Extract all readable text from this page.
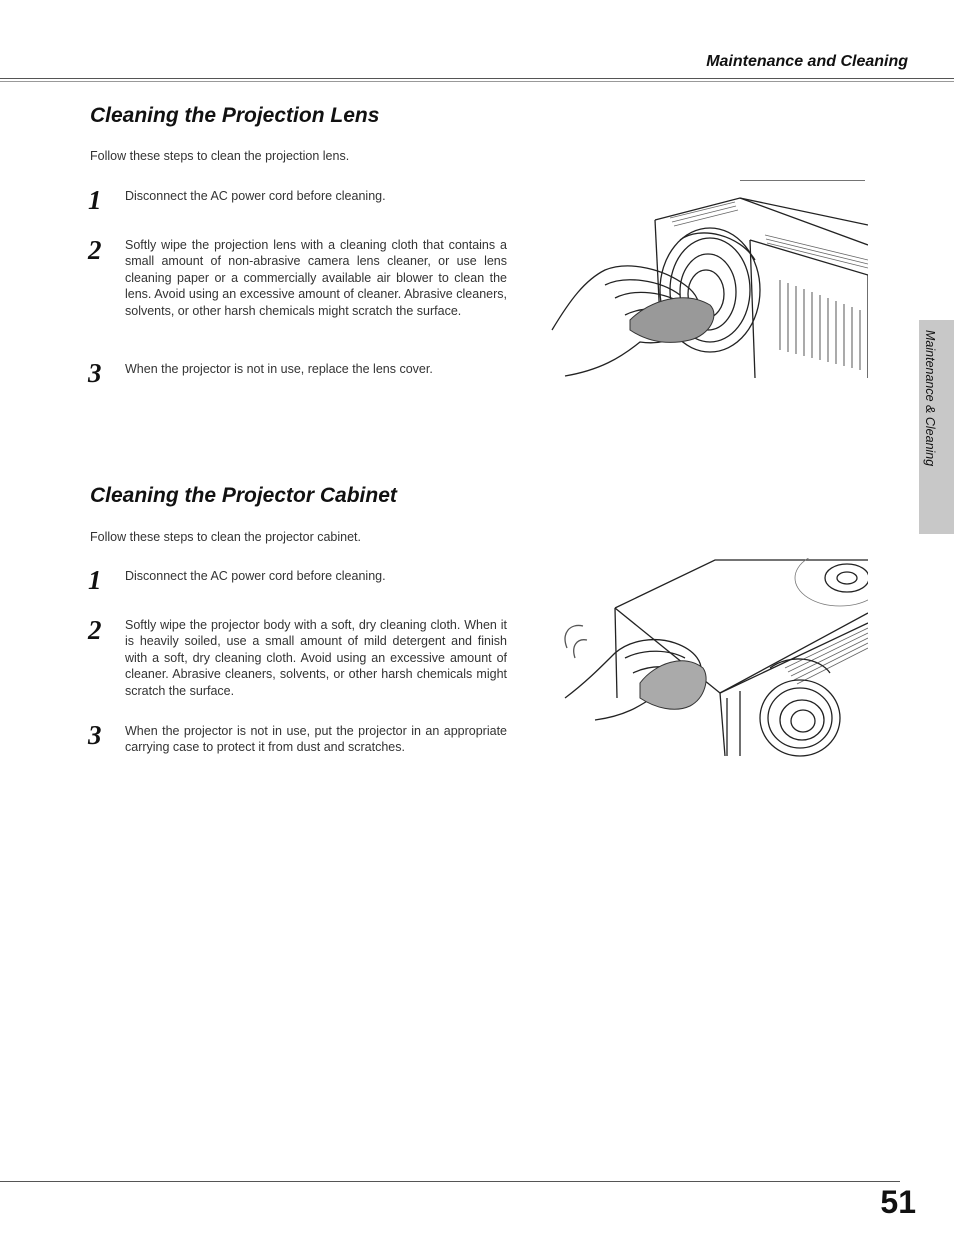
Maintenance and Cleaning
Cleaning the Projection Lens
Follow these steps to clean the projection lens.
1	Disconnect the AC power cord before cleaning.
2	Softly wipe the projection lens with a cleaning cloth that contains a small amount of non-abrasive camera lens cleaner, or use lens cleaning paper or a commercially available air blower to clean the lens. Avoid using an excessive amount of cleaner. Abrasive cleaners, solvents, or other harsh chemicals might scratch the surface.
3	When the projector is not in use, replace the lens cover.
Cleaning the Projector Cabinet
Follow these steps to clean the projector cabinet.
1	Disconnect the AC power cord before cleaning.
2	Softly wipe the projector body with a soft, dry cleaning cloth. When it is heavily soiled, use a small amount of mild detergent and finish with a soft, dry cleaning cloth. Avoid using an excessive amount of cleaner. Abrasive cleaners, solvents, or other harsh chemicals might scratch the surface.
3	When the projector is not in use, put the projector in an appropriate carrying case to protect it from dust and scratches.
Maintenance & Cleaning
51
